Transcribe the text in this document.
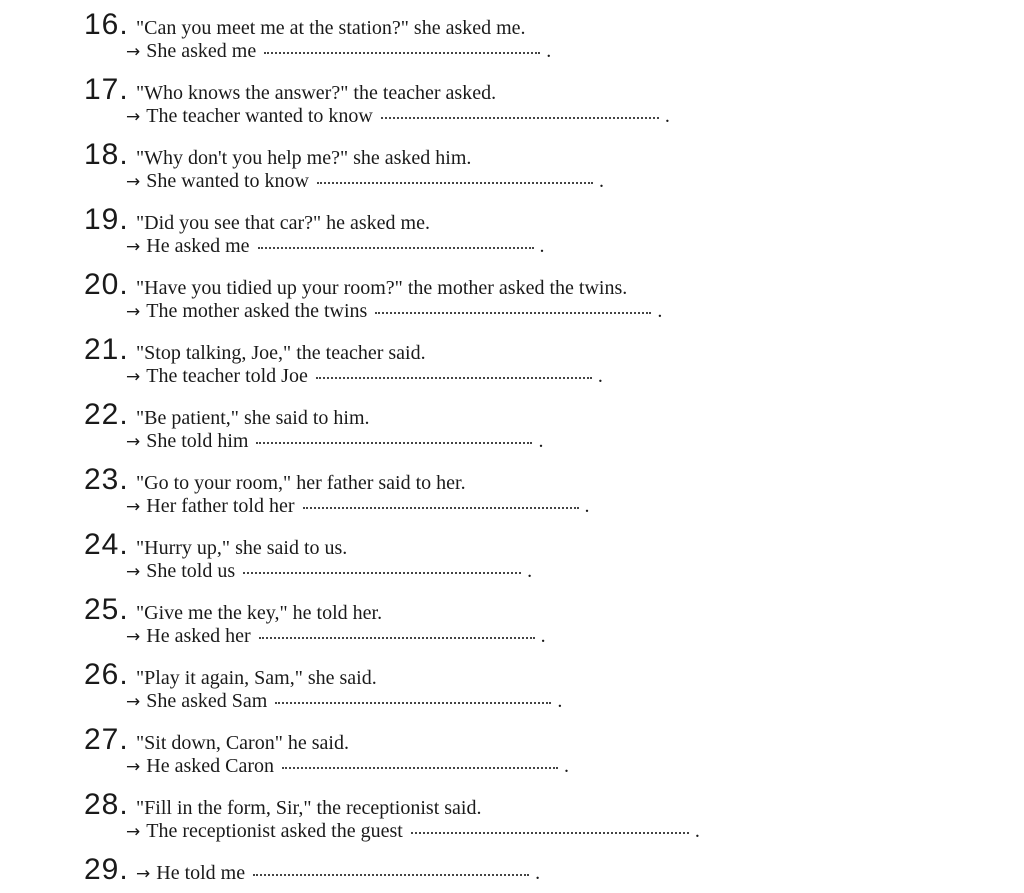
16. "Can you meet me at the station?" she asked me.
→ She asked me	.
17. "Who knows the answer?" the teacher asked.
→ The teacher wanted to know	.
18. "Why don't you help me?" she asked him.
→ She wanted to know	.
19. "Did you see that car?" he asked me.
→ He asked me	.
20. "Have you tidied up your room?" the mother asked the twins.
→ The mother asked the twins	.
21. "Stop talking, Joe," the teacher said.
→ The teacher told Joe	.
22. "Be patient," she said to him.
→ She told him	.
23. "Go to your room," her father said to her.
→ Her father told her	.
24. "Hurry up," she said to us.
→ She told us	.
25. "Give me the key," he told her.
→ He asked her	.
26. "Play it again, Sam," she said.
→ She asked Sam	.
27. "Sit down, Caron" he said.
→ He asked Caron	.
28. "Fill in the form, Sir," the receptionist said.
→ The receptionist asked the guest	.
29. → He told me	.
